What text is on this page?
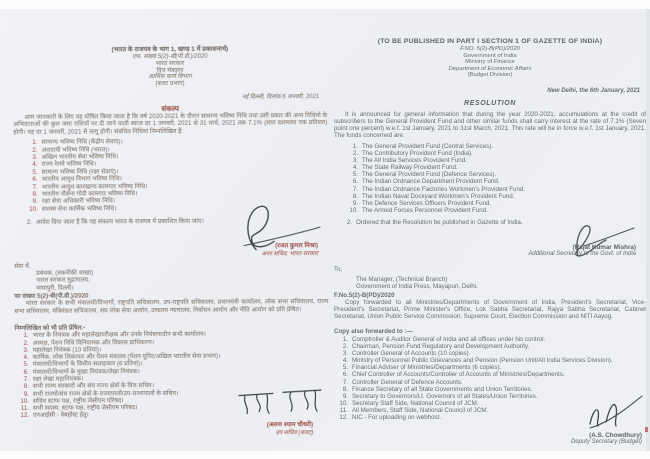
(भारत के राजपत्र के भाग 1, खण्ड 1 में प्रकाशनार्थ)
एफ. संख्या 5(2)-बी(पी.डी.)/2020
भारत सरकार
वित्त मंत्रालय
आर्थिक कार्य विभाग
(बजट प्रभाग)
नई दिल्ली, दिनांक 6 जनवरी, 2021
संकल्प
आम जानकारी के लिए यह घोषित किया जाता है कि वर्ष 2020-2021 के दौरान सामान्य भविष्य निधि तथा उसी प्रकार की अन्य निधियों के अभिदाताओं की कुल जमा राशियों पर दी जाने वाली ब्याज दर 1 जनवरी, 2021 से 31 मार्च, 2021 तक 7.1% (सात दशमलव एक प्रतिशत) होगी। यह दर 1 जनवरी, 2021 से लागू होगी। संबंधित निधियां निम्नलिखित हैं:
1. सामान्य भविष्य निधि (केंद्रीय सेवाएं)।
2. अंशदायी भविष्य निधि (भारत)।
3. अखिल भारतीय सेवा भविष्य निधि।
4. राज्य रेलवे भविष्य निधि।
5. सामान्य भविष्य निधि (रक्षा सेवाएं)।
6. भारतीय आयुध विभाग भविष्य निधि।
7. भारतीय आयुध कारखाना कामगार भविष्य निधि।
8. भारतीय नौसेना गोदी कामगार भविष्य निधि।
9. रक्षा सेवा अधिकारी भविष्य निधि।
10. सशस्त्र सेना कार्मिक भविष्य निधि।
2. आदेश दिया जाता है कि यह संकल्प भारत के राजपत्र में प्रकाशित किया जाए।
(रजत कुमार मिश्रा)
अपर सचिव, भारत सरकार
सेवा में,
प्रबंधक, (तकनीकी शाखा)
भारत सरकार मुद्रणालय,
मायापुरी, दिल्ली।
फा संख्या 5(2)-बी(पी.डी.)/2020
भारत सरकार के सभी मंत्रालयों/विभागों, राष्ट्रपति सचिवालय, उप-राष्ट्रपति सचिवालय, प्रधानमंत्री कार्यालय, लोक सभा सचिवालय, राज्य सभा सचिवालय, मंत्रिमंडल सचिवालय, संघ लोक सेवा आयोग, उच्चतम न्यायालय, निर्वाचन आयोग और नीति आयोग को प्रति प्रेषित।
निम्नलिखित को भी प्रति प्रेषित:-
1. भारत के नियंत्रक और महालेखापरीक्षक और उनके नियंत्रणाधीन सभी कार्यालय।
2. अध्यक्ष, पेंशन निधि विनियामक और विकास प्राधिकरण।
3. महालेखा नियंत्रक (10 प्रतियां)।
4. कार्मिक, लोक शिकायत और पेंशन मंत्रालय (पेंशन यूनिट/अखिल भारतीय सेवा प्रभाग)।
5. मंत्रालयों/विभागों के वित्तीय सलाहकार (6 प्रतियां)।
6. मंत्रालयों/विभागों के मुख्य नियंत्रक/लेखा नियंत्रक।
7. रक्षा लेखा महानियंत्रक।
8. सभी राज्य सरकारों और संघ राज्य क्षेत्रों के वित्त सचिव।
9. सभी राज्यों/संघ राज्य क्षेत्रों के राज्यपालों/उप-राज्यपालों के सचिव।
10. सचिव स्टाफ पक्ष, राष्ट्रीय जेसीएम परिषद।
11. सभी सदस्य, स्टाफ पक्ष, राष्ट्रीय जेसीएम परिषद।
12. एनआईसी - वेबहोस्ट हेतु।
(अरुण श्याम चौधरी)
उप सचिव (बजट)
(TO BE PUBLISHED IN PART I SECTION 1 OF GAZETTE OF INDIA)
F.NO. 5(2)-B(PD)/2020
Government of India
Ministry of Finance
Department of Economic Affairs
(Budget Division)
New Delhi, the 6th January, 2021
RESOLUTION
It is announced for general information that during the year 2020-2021, accumulations at the credit of subscribers to the General Provident Fund and other similar funds shall carry interest at the rate of 7.1% (Seven point one percent) w.e.f. 1st January, 2021 to 31st March, 2021. This rate will be in force w.e.f. 1st January, 2021. The funds concerned are:
1. The General Provident Fund (Central Services).
2. The Contributory Provident Fund (India).
3. The All India Services Provident Fund.
4. The State Railway Provident Fund.
5. The General Provident Fund (Defence Services).
6. The Indian Ordnance Department Provident Fund.
7. The Indian Ordnance Factories Workmen's Provident Fund.
8. The Indian Naval Dockyard Workmen's Provident Fund.
9. The Defence Services Officers Provident Fund.
10. The Armed Forces Personnel Provident Fund.
2. Ordered that the Resolution be published in Gazette of India.
(Rajat Kumar Mishra)
Additional Secretary to the Govt. of India
To,
The Manager, (Technical Branch)
Government of India Press, Mayapuri, Delhi.
F.No.5(2)-B(PD)/2020
Copy forwarded to all Ministries/Departments of Government of India, President's Secretariat, Vice-President's Secretariat, Prime Minister's Office, Lok Sabha Secretariat, Rajya Sabha Secretariat, Cabinet Secretariat, Union Public Service Commission, Supreme Court, Election Commission and NITI Aayog.
Copy also forwarded to :—
1. Comptroller & Auditor General of India and all offices under his control.
2. Chairman, Pension Fund Regulatory and Development Authority.
3. Controller General of Accounts (10 copies).
4. Ministry of Personnel Public Grievances and Pension (Pension Unit/All India Services Division).
5. Financial Adviser of Ministries/Departments (6 copies).
6. Chief Controller of Accounts/Controller of Accounts of Ministries/Departments.
7. Controller General of Defence Accounts.
8. Finance Secretary of all State Governments and Union Territories.
9. Secretary to Governors/Lt. Governors of all States/Union Territories.
10. Secretary Staff Side, National Council of JCM.
11. All Members, Staff Side, National Council of JCM.
12. NIC - For uploading on webhost.
(A.S. Chowdhury)
Deputy Secretary (Budget)
